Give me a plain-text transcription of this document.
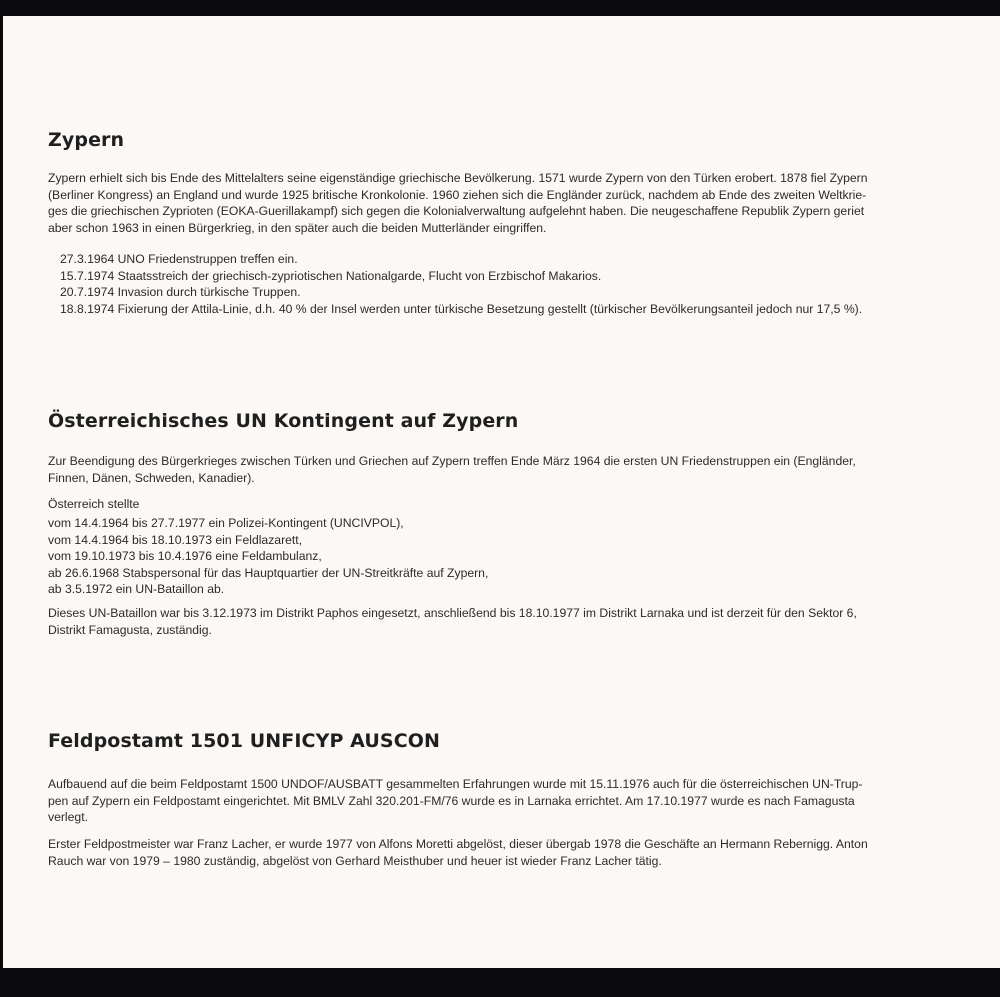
Zypern
Zypern erhielt sich bis Ende des Mittelalters seine eigenständige griechische Bevölkerung. 1571 wurde Zypern von den Türken erobert. 1878 fiel Zypern
(Berliner Kongress) an England und wurde 1925 britische Kronkolonie. 1960 ziehen sich die Engländer zurück, nachdem ab Ende des zweiten Weltkrie-
ges die griechischen Zyprioten (EOKA-Guerillakampf) sich gegen die Kolonialverwaltung aufgelehnt haben. Die neugeschaffene Republik Zypern geriet
aber schon 1963 in einen Bürgerkrieg, in den später auch die beiden Mutterländer eingriffen.
27.3.1964 UNO Friedenstruppen treffen ein.
15.7.1974 Staatsstreich der griechisch-zypriotischen Nationalgarde, Flucht von Erzbischof Makarios.
20.7.1974 Invasion durch türkische Truppen.
18.8.1974 Fixierung der Attila-Linie, d.h. 40 % der Insel werden unter türkische Besetzung gestellt (türkischer Bevölkerungsanteil jedoch nur 17,5 %).
Österreichisches UN Kontingent auf Zypern
Zur Beendigung des Bürgerkrieges zwischen Türken und Griechen auf Zypern treffen Ende März 1964 die ersten UN Friedenstruppen ein (Engländer,
Finnen, Dänen, Schweden, Kanadier).
Österreich stellte
vom 14.4.1964 bis 27.7.1977 ein Polizei-Kontingent (UNCIVPOL),
vom 14.4.1964 bis 18.10.1973 ein Feldlazarett,
vom 19.10.1973 bis 10.4.1976 eine Feldambulanz,
ab 26.6.1968 Stabspersonal für das Hauptquartier der UN-Streitkräfte auf Zypern,
ab 3.5.1972 ein UN-Bataillon ab.
Dieses UN-Bataillon war bis 3.12.1973 im Distrikt Paphos eingesetzt, anschließend bis 18.10.1977 im Distrikt Larnaka und ist derzeit für den Sektor 6,
Distrikt Famagusta, zuständig.
Feldpostamt 1501 UNFICYP AUSCON
Aufbauend auf die beim Feldpostamt 1500 UNDOF/AUSBATT gesammelten Erfahrungen wurde mit 15.11.1976 auch für die österreichischen UN-Trup-
pen auf Zypern ein Feldpostamt eingerichtet. Mit BMLV Zahl 320.201-FM/76 wurde es in Larnaka errichtet. Am 17.10.1977 wurde es nach Famagusta
verlegt.
Erster Feldpostmeister war Franz Lacher, er wurde 1977 von Alfons Moretti abgelöst, dieser übergab 1978 die Geschäfte an Hermann Rebernigg. Anton
Rauch war von 1979 – 1980 zuständig, abgelöst von Gerhard Meisthuber und heuer ist wieder Franz Lacher tätig.
